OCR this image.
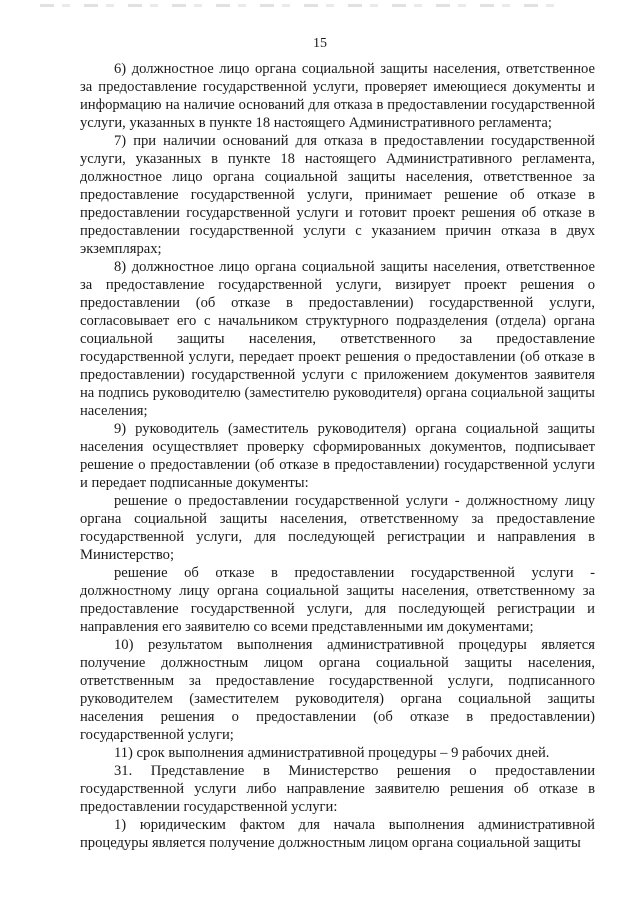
15

6) должностное лицо органа социальной защиты населения, ответственное за предоставление государственной услуги, проверяет имеющиеся документы и информацию на наличие оснований для отказа в предоставлении государственной услуги, указанных в пункте 18 настоящего Административного регламента;

7) при наличии оснований для отказа в предоставлении государственной услуги, указанных в пункте 18 настоящего Административного регламента, должностное лицо органа социальной защиты населения, ответственное за предоставление государственной услуги, принимает решение об отказе в предоставлении государственной услуги и готовит проект решения об отказе в предоставлении государственной услуги с указанием причин отказа в двух экземплярах;

8) должностное лицо органа социальной защиты населения, ответственное за предоставление государственной услуги, визирует проект решения о предоставлении (об отказе в предоставлении) государственной услуги, согласовывает его с начальником структурного подразделения (отдела) органа социальной защиты населения, ответственного за предоставление государственной услуги, передает проект решения о предоставлении (об отказе в предоставлении) государственной услуги с приложением документов заявителя на подпись руководителю (заместителю руководителя) органа социальной защиты населения;

9) руководитель (заместитель руководителя) органа социальной защиты населения осуществляет проверку сформированных документов, подписывает решение о предоставлении (об отказе в предоставлении) государственной услуги и передает подписанные документы:

решение о предоставлении государственной услуги - должностному лицу органа социальной защиты населения, ответственному за предоставление государственной услуги, для последующей регистрации и направления в Министерство;

решение об отказе в предоставлении государственной услуги - должностному лицу органа социальной защиты населения, ответственному за предоставление государственной услуги, для последующей регистрации и направления его заявителю со всеми представленными им документами;

10) результатом выполнения административной процедуры является получение должностным лицом органа социальной защиты населения, ответственным за предоставление государственной услуги, подписанного руководителем (заместителем руководителя) органа социальной защиты населения решения о предоставлении (об отказе в предоставлении) государственной услуги;

11) срок выполнения административной процедуры – 9 рабочих дней.

31. Представление в Министерство решения о предоставлении государственной услуги либо направление заявителю решения об отказе в предоставлении государственной услуги:

1) юридическим фактом для начала выполнения административной процедуры является получение должностным лицом органа социальной защиты
